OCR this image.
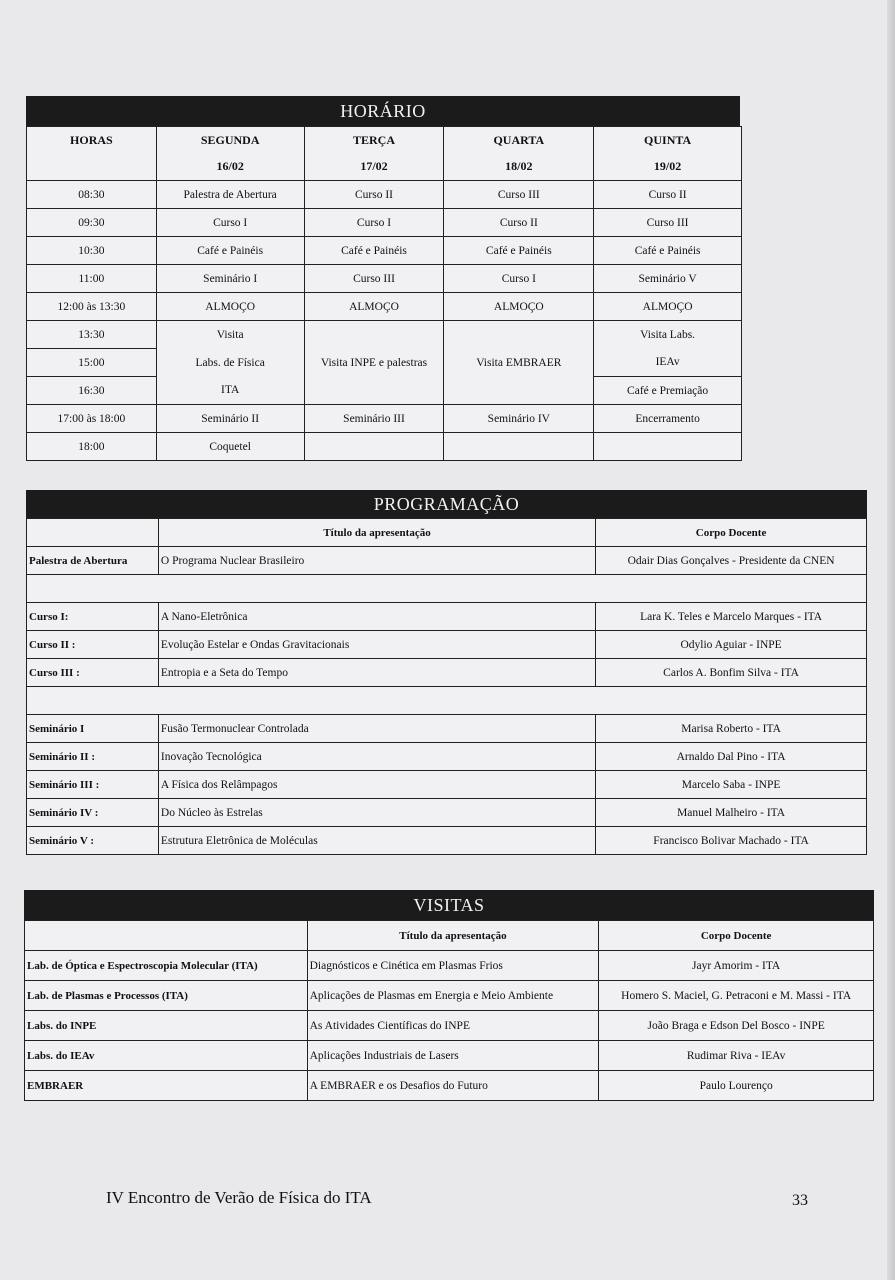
HORÁRIO
HORAS	SEGUNDA	TERÇA	QUARTA	QUINTA
	16/02	17/02	18/02	19/02
08:30	Palestra de Abertura	Curso II	Curso III	Curso II
09:30	Curso I	Curso I	Curso II	Curso III
10:30	Café e Painéis	Café e Painéis	Café e Painéis	Café e Painéis
11:00	Seminário I	Curso III	Curso I	Seminário V
12:00 às 13:30	ALMOÇO	ALMOÇO	ALMOÇO	ALMOÇO
13:30	Visita	Visita INPE e palestras	Visita EMBRAER	Visita Labs.
15:00	Labs. de Física			IEAv
16:30	ITA			Café e Premiação
17:00 às 18:00	Seminário II	Seminário III	Seminário IV	Encerramento
18:00	Coquetel			
PROGRAMAÇÃO
	Título da apresentação	Corpo Docente
Palestra de Abertura	O Programa Nuclear Brasileiro	Odair Dias Gonçalves - Presidente da CNEN

Curso I:	A Nano-Eletrônica	Lara K. Teles e Marcelo Marques - ITA
Curso II :	Evolução Estelar e Ondas Gravitacionais	Odylio Aguiar - INPE
Curso III :	Entropia e a Seta do Tempo	Carlos A. Bonfim Silva - ITA

Seminário I	Fusão Termonuclear Controlada	Marisa Roberto - ITA
Seminário II :	Inovação Tecnológica	Arnaldo Dal Pino - ITA
Seminário III :	A Física dos Relâmpagos	Marcelo Saba - INPE
Seminário IV :	Do Núcleo às Estrelas	Manuel Malheiro - ITA
Seminário V :	Estrutura Eletrônica de Moléculas	Francisco Bolivar Machado - ITA
VISITAS
	Título da apresentação	Corpo Docente
Lab. de Óptica e Espectroscopia Molecular (ITA)	Diagnósticos e Cinética em Plasmas Frios	Jayr Amorim - ITA
Lab. de Plasmas e Processos (ITA)	Aplicações de Plasmas em Energia e Meio Ambiente	Homero S. Maciel, G. Petraconi e M. Massi - ITA
Labs. do INPE	As Atividades Científicas do INPE	João Braga e Edson Del Bosco - INPE
Labs. do IEAv	Aplicações Industriais de Lasers	Rudimar Riva - IEAv
EMBRAER	A EMBRAER e os Desafios do Futuro	Paulo Lourenço
IV Encontro de Verão de Física do ITA	33
